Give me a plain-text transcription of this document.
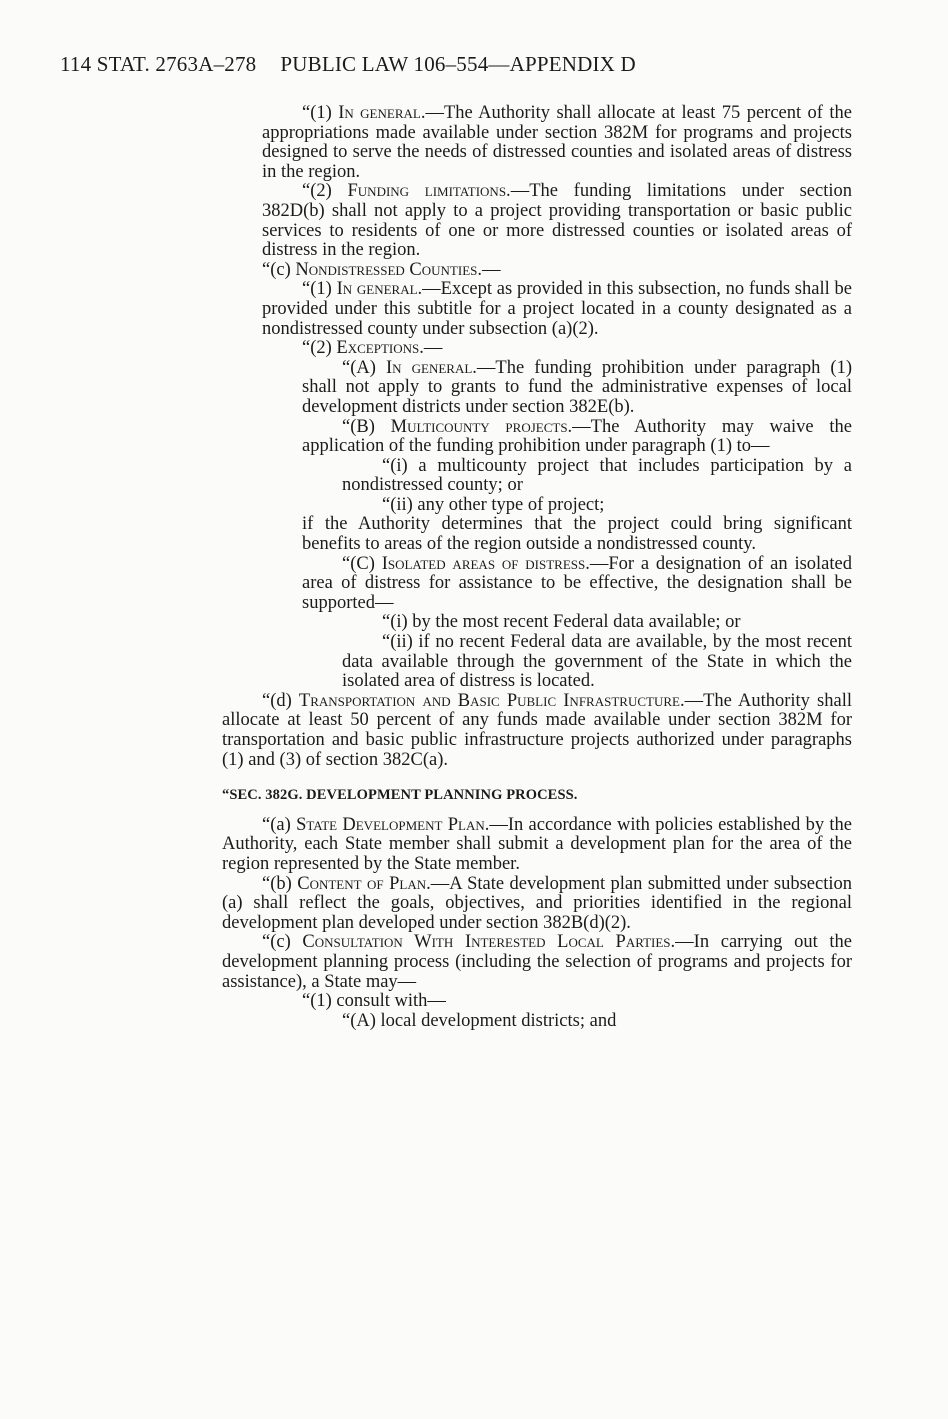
114 STAT. 2763A–278 PUBLIC LAW 106–554—APPENDIX D

“(1) In general.—The Authority shall allocate at least 75 percent of the appropriations made available under section 382M for programs and projects designed to serve the needs of distressed counties and isolated areas of distress in the region.

“(2) Funding limitations.—The funding limitations under section 382D(b) shall not apply to a project providing transportation or basic public services to residents of one or more distressed counties or isolated areas of distress in the region.

“(c) Nondistressed Counties.—

“(1) In general.—Except as provided in this subsection, no funds shall be provided under this subtitle for a project located in a county designated as a nondistressed county under subsection (a)(2).

“(2) Exceptions.—

“(A) In general.—The funding prohibition under paragraph (1) shall not apply to grants to fund the administrative expenses of local development districts under section 382E(b).

“(B) Multicounty projects.—The Authority may waive the application of the funding prohibition under paragraph (1) to—

“(i) a multicounty project that includes participation by a nondistressed county; or

“(ii) any other type of project;

if the Authority determines that the project could bring significant benefits to areas of the region outside a nondistressed county.

“(C) Isolated areas of distress.—For a designation of an isolated area of distress for assistance to be effective, the designation shall be supported—

“(i) by the most recent Federal data available; or

“(ii) if no recent Federal data are available, by the most recent data available through the government of the State in which the isolated area of distress is located.

“(d) Transportation and Basic Public Infrastructure.—The Authority shall allocate at least 50 percent of any funds made available under section 382M for transportation and basic public infrastructure projects authorized under paragraphs (1) and (3) of section 382C(a).

“SEC. 382G. DEVELOPMENT PLANNING PROCESS.

“(a) State Development Plan.—In accordance with policies established by the Authority, each State member shall submit a development plan for the area of the region represented by the State member.

“(b) Content of Plan.—A State development plan submitted under subsection (a) shall reflect the goals, objectives, and priorities identified in the regional development plan developed under section 382B(d)(2).

“(c) Consultation With Interested Local Parties.—In carrying out the development planning process (including the selection of programs and projects for assistance), a State may—

“(1) consult with—

“(A) local development districts; and
